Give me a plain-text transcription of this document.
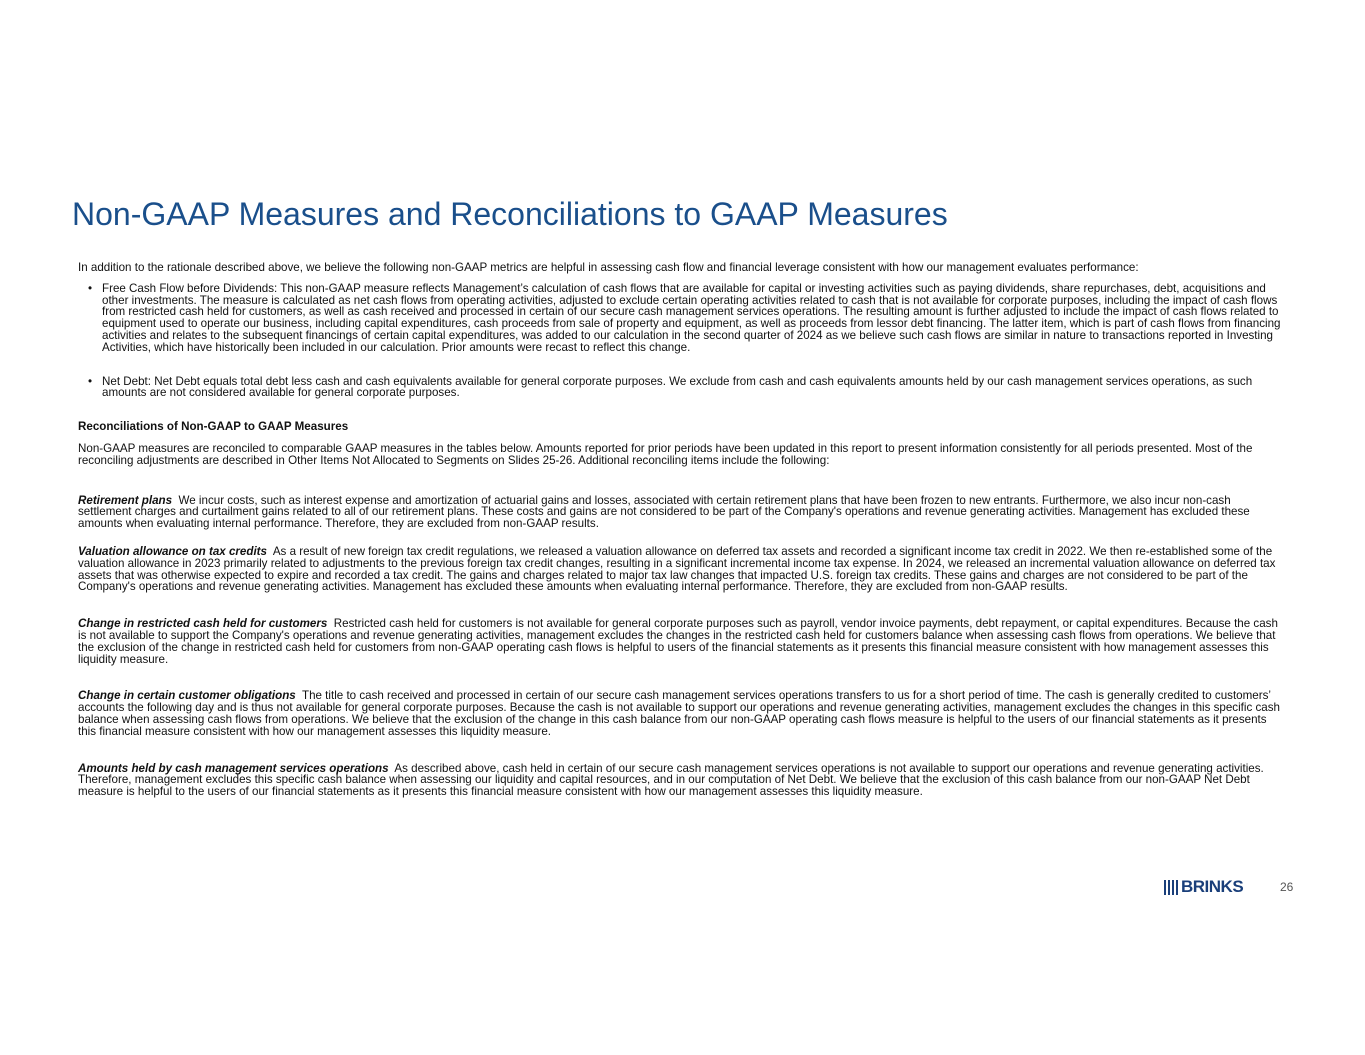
Non-GAAP Measures and Reconciliations to GAAP Measures

In addition to the rationale described above, we believe the following non-GAAP metrics are helpful in assessing cash flow and financial leverage consistent with how our management evaluates performance:

• Free Cash Flow before Dividends: This non-GAAP measure reflects Management’s calculation of cash flows that are available for capital or investing activities such as paying dividends, share repurchases, debt, acquisitions and other investments. The measure is calculated as net cash flows from operating activities, adjusted to exclude certain operating activities related to cash that is not available for corporate purposes, including the impact of cash flows from restricted cash held for customers, as well as cash received and processed in certain of our secure cash management services operations. The resulting amount is further adjusted to include the impact of cash flows related to equipment used to operate our business, including capital expenditures, cash proceeds from sale of property and equipment, as well as proceeds from lessor debt financing. The latter item, which is part of cash flows from financing activities and relates to the subsequent financings of certain capital expenditures, was added to our calculation in the second quarter of 2024 as we believe such cash flows are similar in nature to transactions reported in Investing Activities, which have historically been included in our calculation. Prior amounts were recast to reflect this change.
• Net Debt: Net Debt equals total debt less cash and cash equivalents available for general corporate purposes. We exclude from cash and cash equivalents amounts held by our cash management services operations, as such amounts are not considered available for general corporate purposes.

Reconciliations of Non-GAAP to GAAP Measures

Non-GAAP measures are reconciled to comparable GAAP measures in the tables below. Amounts reported for prior periods have been updated in this report to present information consistently for all periods presented. Most of the reconciling adjustments are described in Other Items Not Allocated to Segments on Slides 25-26. Additional reconciling items include the following:

Retirement plans We incur costs, such as interest expense and amortization of actuarial gains and losses, associated with certain retirement plans that have been frozen to new entrants. Furthermore, we also incur non-cash settlement charges and curtailment gains related to all of our retirement plans. These costs and gains are not considered to be part of the Company's operations and revenue generating activities. Management has excluded these amounts when evaluating internal performance. Therefore, they are excluded from non-GAAP results.

Valuation allowance on tax credits As a result of new foreign tax credit regulations, we released a valuation allowance on deferred tax assets and recorded a significant income tax credit in 2022. We then re-established some of the valuation allowance in 2023 primarily related to adjustments to the previous foreign tax credit changes, resulting in a significant incremental income tax expense. In 2024, we released an incremental valuation allowance on deferred tax assets that was otherwise expected to expire and recorded a tax credit. The gains and charges related to major tax law changes that impacted U.S. foreign tax credits. These gains and charges are not considered to be part of the Company's operations and revenue generating activities. Management has excluded these amounts when evaluating internal performance. Therefore, they are excluded from non-GAAP results.

Change in restricted cash held for customers Restricted cash held for customers is not available for general corporate purposes such as payroll, vendor invoice payments, debt repayment, or capital expenditures. Because the cash is not available to support the Company's operations and revenue generating activities, management excludes the changes in the restricted cash held for customers balance when assessing cash flows from operations. We believe that the exclusion of the change in restricted cash held for customers from non-GAAP operating cash flows is helpful to users of the financial statements as it presents this financial measure consistent with how management assesses this liquidity measure.

Change in certain customer obligations The title to cash received and processed in certain of our secure cash management services operations transfers to us for a short period of time. The cash is generally credited to customers’ accounts the following day and is thus not available for general corporate purposes. Because the cash is not available to support our operations and revenue generating activities, management excludes the changes in this specific cash balance when assessing cash flows from operations. We believe that the exclusion of the change in this cash balance from our non-GAAP operating cash flows measure is helpful to the users of our financial statements as it presents this financial measure consistent with how our management assesses this liquidity measure.

Amounts held by cash management services operations As described above, cash held in certain of our secure cash management services operations is not available to support our operations and revenue generating activities. Therefore, management excludes this specific cash balance when assessing our liquidity and capital resources, and in our computation of Net Debt. We believe that the exclusion of this cash balance from our non-GAAP Net Debt measure is helpful to the users of our financial statements as it presents this financial measure consistent with how our management assesses this liquidity measure.

BRINKS	26
